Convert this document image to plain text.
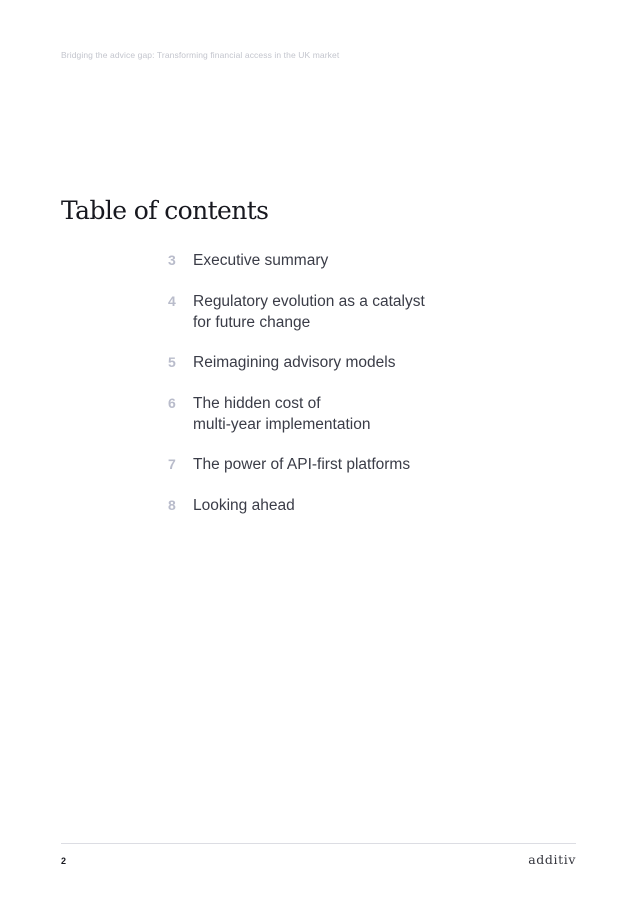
Bridging the advice gap: Transforming financial access in the UK market
Table of contents
3	Executive summary
4	Regulatory evolution as a catalyst
for future change
5	Reimagining advisory models
6	The hidden cost of
multi-year implementation
7	The power of API-first platforms
8	Looking ahead
2	additiv
